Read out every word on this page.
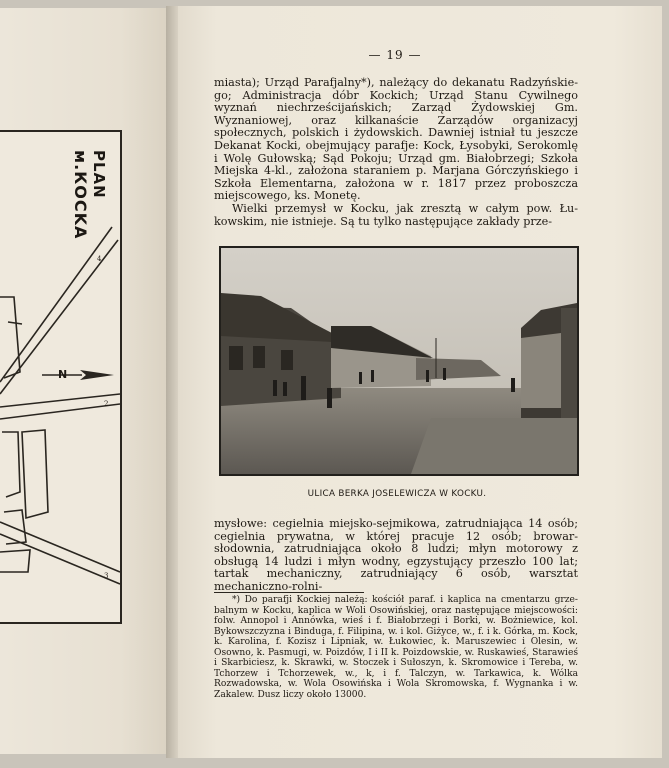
N
4
2
3
PLAN
м.КOCKA
— 19 —

miasta); Urząd Parafjalny*), należący do dekanatu Radzyńskiego; Administracja dóbr Kockich; Urząd Stanu Cywilnego wyznań niechrześcijańskich; Zarząd Żydowskiej Gm. Wyznaniowej, oraz kilkanaście Zarządów organizacyj społecznych, polskich i żydowskich. Dawniej istniał tu jeszcze Dekanat Kocki, obejmujący parafje: Kock, Łysobyki, Serokomlę i Wolę Gułowską; Sąd Pokoju; Urząd gm. Białobrzegi; Szkoła Miejska 4-kl., założona staraniem p. Marjana Górczyńskiego i Szkoła Elementarna, założona w r. 1817 przez proboszcza miejscowego, ks. Monetę.

Wielki przemysł w Kocku, jak zresztą w całym pow. Łukowskim, nie istnieje. Są tu tylko następujące zakłady prze-

ULICA BERKA JOSELEWICZA W KOCKU.

mysłowe: cegielnia miejsko-sejmikowa, zatrudniająca 14 osób; cegielnia prywatna, w której pracuje 12 osób; browar-słodownia, zatrudniająca około 8 ludzi; młyn motorowy z obsługą 14 ludzi i młyn wodny, egzystujący przeszło 100 lat; tartak mechaniczny, zatrudniający 6 osób, warsztat mechaniczno-rolni-

*) Do parafji Kockiej należą: kościół paraf. i kaplica na cmentarzu grzebalnym w Kocku, kaplica w Woli Osowińskiej, oraz następujące miejscowości: folw. Annopol i Annówka, wieś i f. Białobrzegi i Borki, w. Bożniewice, kol. Bykowszczyzna i Binduga, f. Filipina, w. i kol. Giżyce, w., f. i k. Górka, m. Kock, k. Karolina, f. Kozisz i Lipniak, w. Łukowiec, k. Maruszewiec i Olesin, w. Osowno, k. Pasmugi, w. Poizdów, I i II k. Poizdowskie, w. Ruskawieś, Starawieś i Skarbiciesz, k. Skrawki, w. Stoczek i Sułoszyn, k. Skromowice i Tereba, w. Tchorzew i Tchorzewek, w., k, i f. Talczyn, w. Tarkawica, k. Wólka Rozwadowska, w. Wola Osowińska i Wola Skromowska, f. Wygnanka i w. Zakalew. Dusz liczy około 13000.
